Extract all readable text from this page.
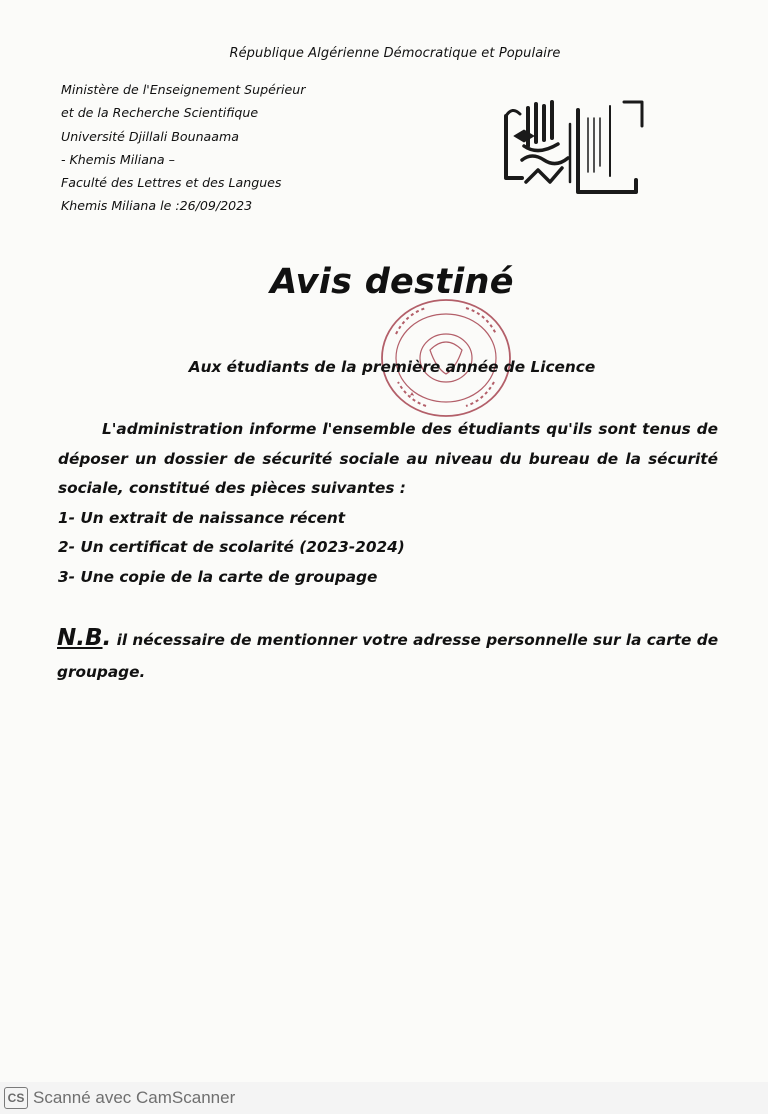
République Algérienne Démocratique et Populaire
Ministère de l'Enseignement Supérieur
et de la Recherche Scientifique
Université Djillali Bounaama
- Khemis Miliana –
Faculté des Lettres et des Langues
Khemis Miliana le :26/09/2023
Avis destiné
Aux étudiants de la première année de Licence

L'administration informe l'ensemble des étudiants qu'ils sont tenus de déposer un dossier de sécurité sociale au niveau du bureau de la sécurité sociale, constitué des pièces suivantes :

1- Un extrait de naissance récent

2- Un certificat de scolarité (2023-2024)

3- Une copie de la carte de groupage

N.B. il nécessaire de mentionner votre adresse personnelle sur la carte de groupage.
CS Scanné avec CamScanner
